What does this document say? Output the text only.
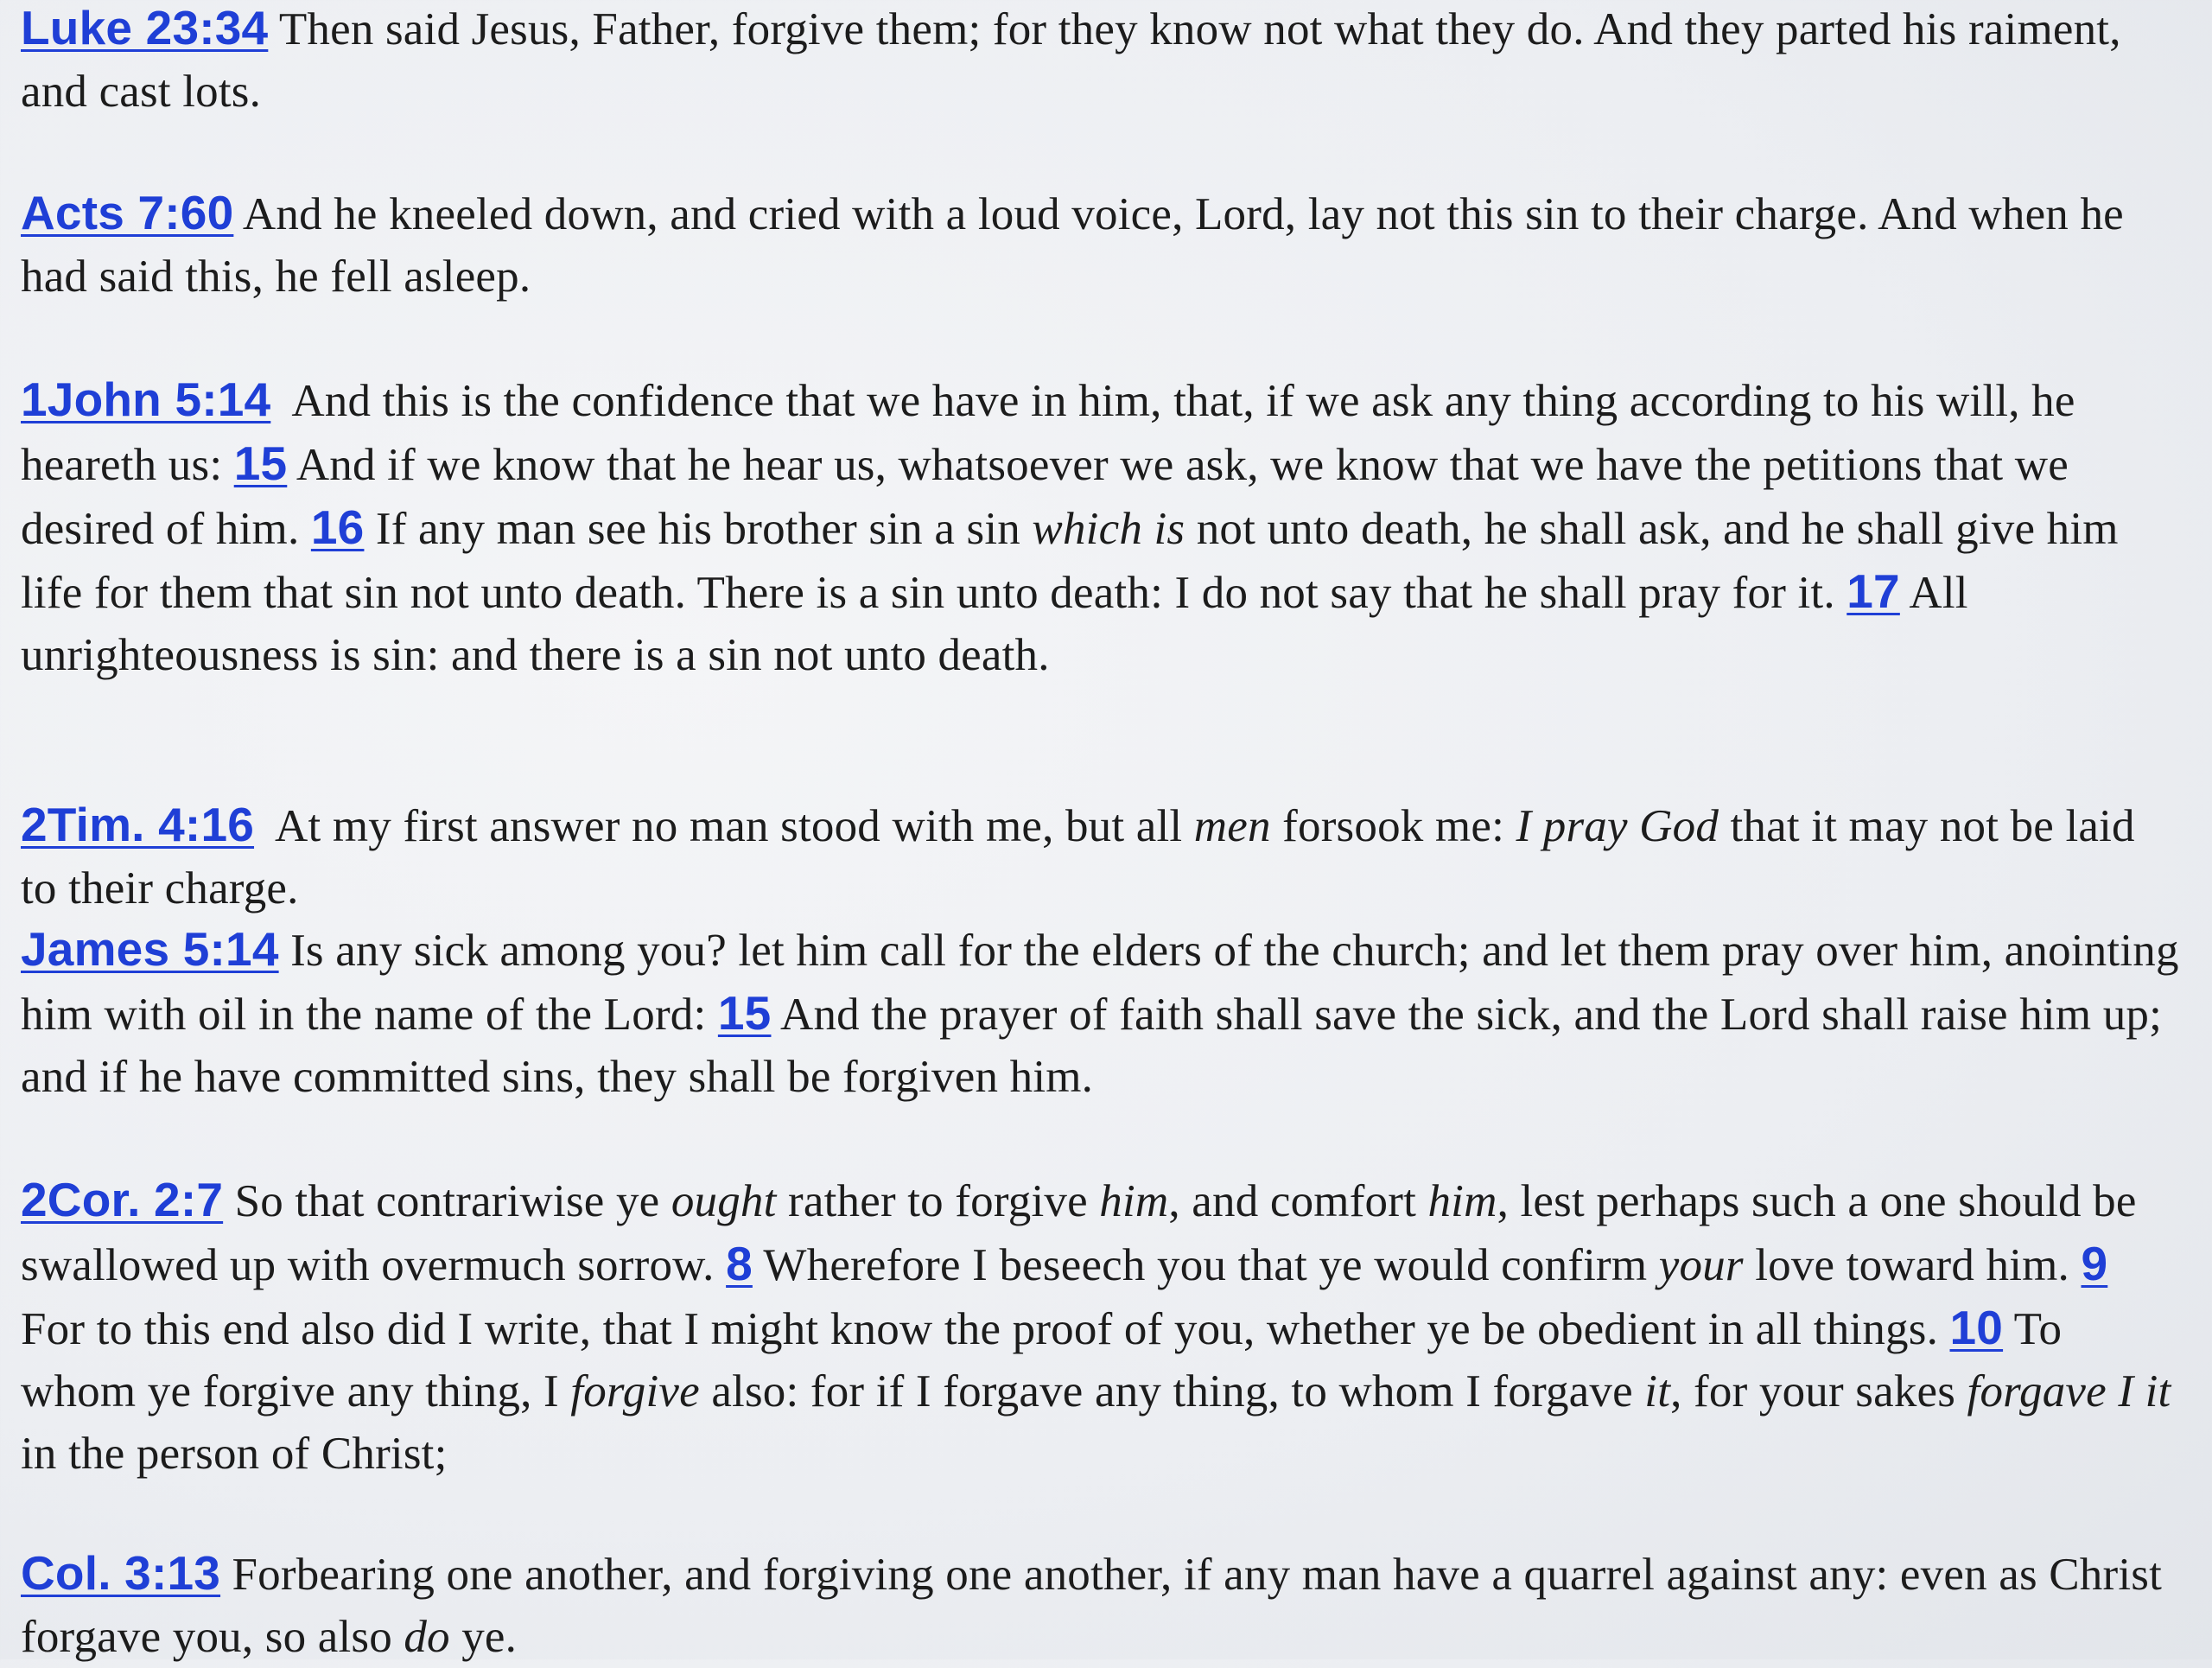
Luke 23:34 Then said Jesus, Father, forgive them; for they know not what they do. And they parted his raiment, and cast lots.

Acts 7:60 And he kneeled down, and cried with a loud voice, Lord, lay not this sin to their charge. And when he had said this, he fell asleep.

1John 5:14 And this is the confidence that we have in him, that, if we ask any thing according to his will, he heareth us: 15 And if we know that he hear us, whatsoever we ask, we know that we have the petitions that we desired of him. 16 If any man see his brother sin a sin which is not unto death, he shall ask, and he shall give him life for them that sin not unto death. There is a sin unto death: I do not say that he shall pray for it. 17 All unrighteousness is sin: and there is a sin not unto death.

2Tim. 4:16 At my first answer no man stood with me, but all men forsook me: I pray God that it may not be laid to their charge.

James 5:14 Is any sick among you? let him call for the elders of the church; and let them pray over him, anointing him with oil in the name of the Lord: 15 And the prayer of faith shall save the sick, and the Lord shall raise him up; and if he have committed sins, they shall be forgiven him.

2Cor. 2:7 So that contrariwise ye ought rather to forgive him, and comfort him, lest perhaps such a one should be swallowed up with overmuch sorrow. 8 Wherefore I beseech you that ye would confirm your love toward him. 9 For to this end also did I write, that I might know the proof of you, whether ye be obedient in all things. 10 To whom ye forgive any thing, I forgive also: for if I forgave any thing, to whom I forgave it, for your sakes forgave I it in the person of Christ;

Col. 3:13 Forbearing one another, and forgiving one another, if any man have a quarrel against any: even as Christ forgave you, so also do ye.
